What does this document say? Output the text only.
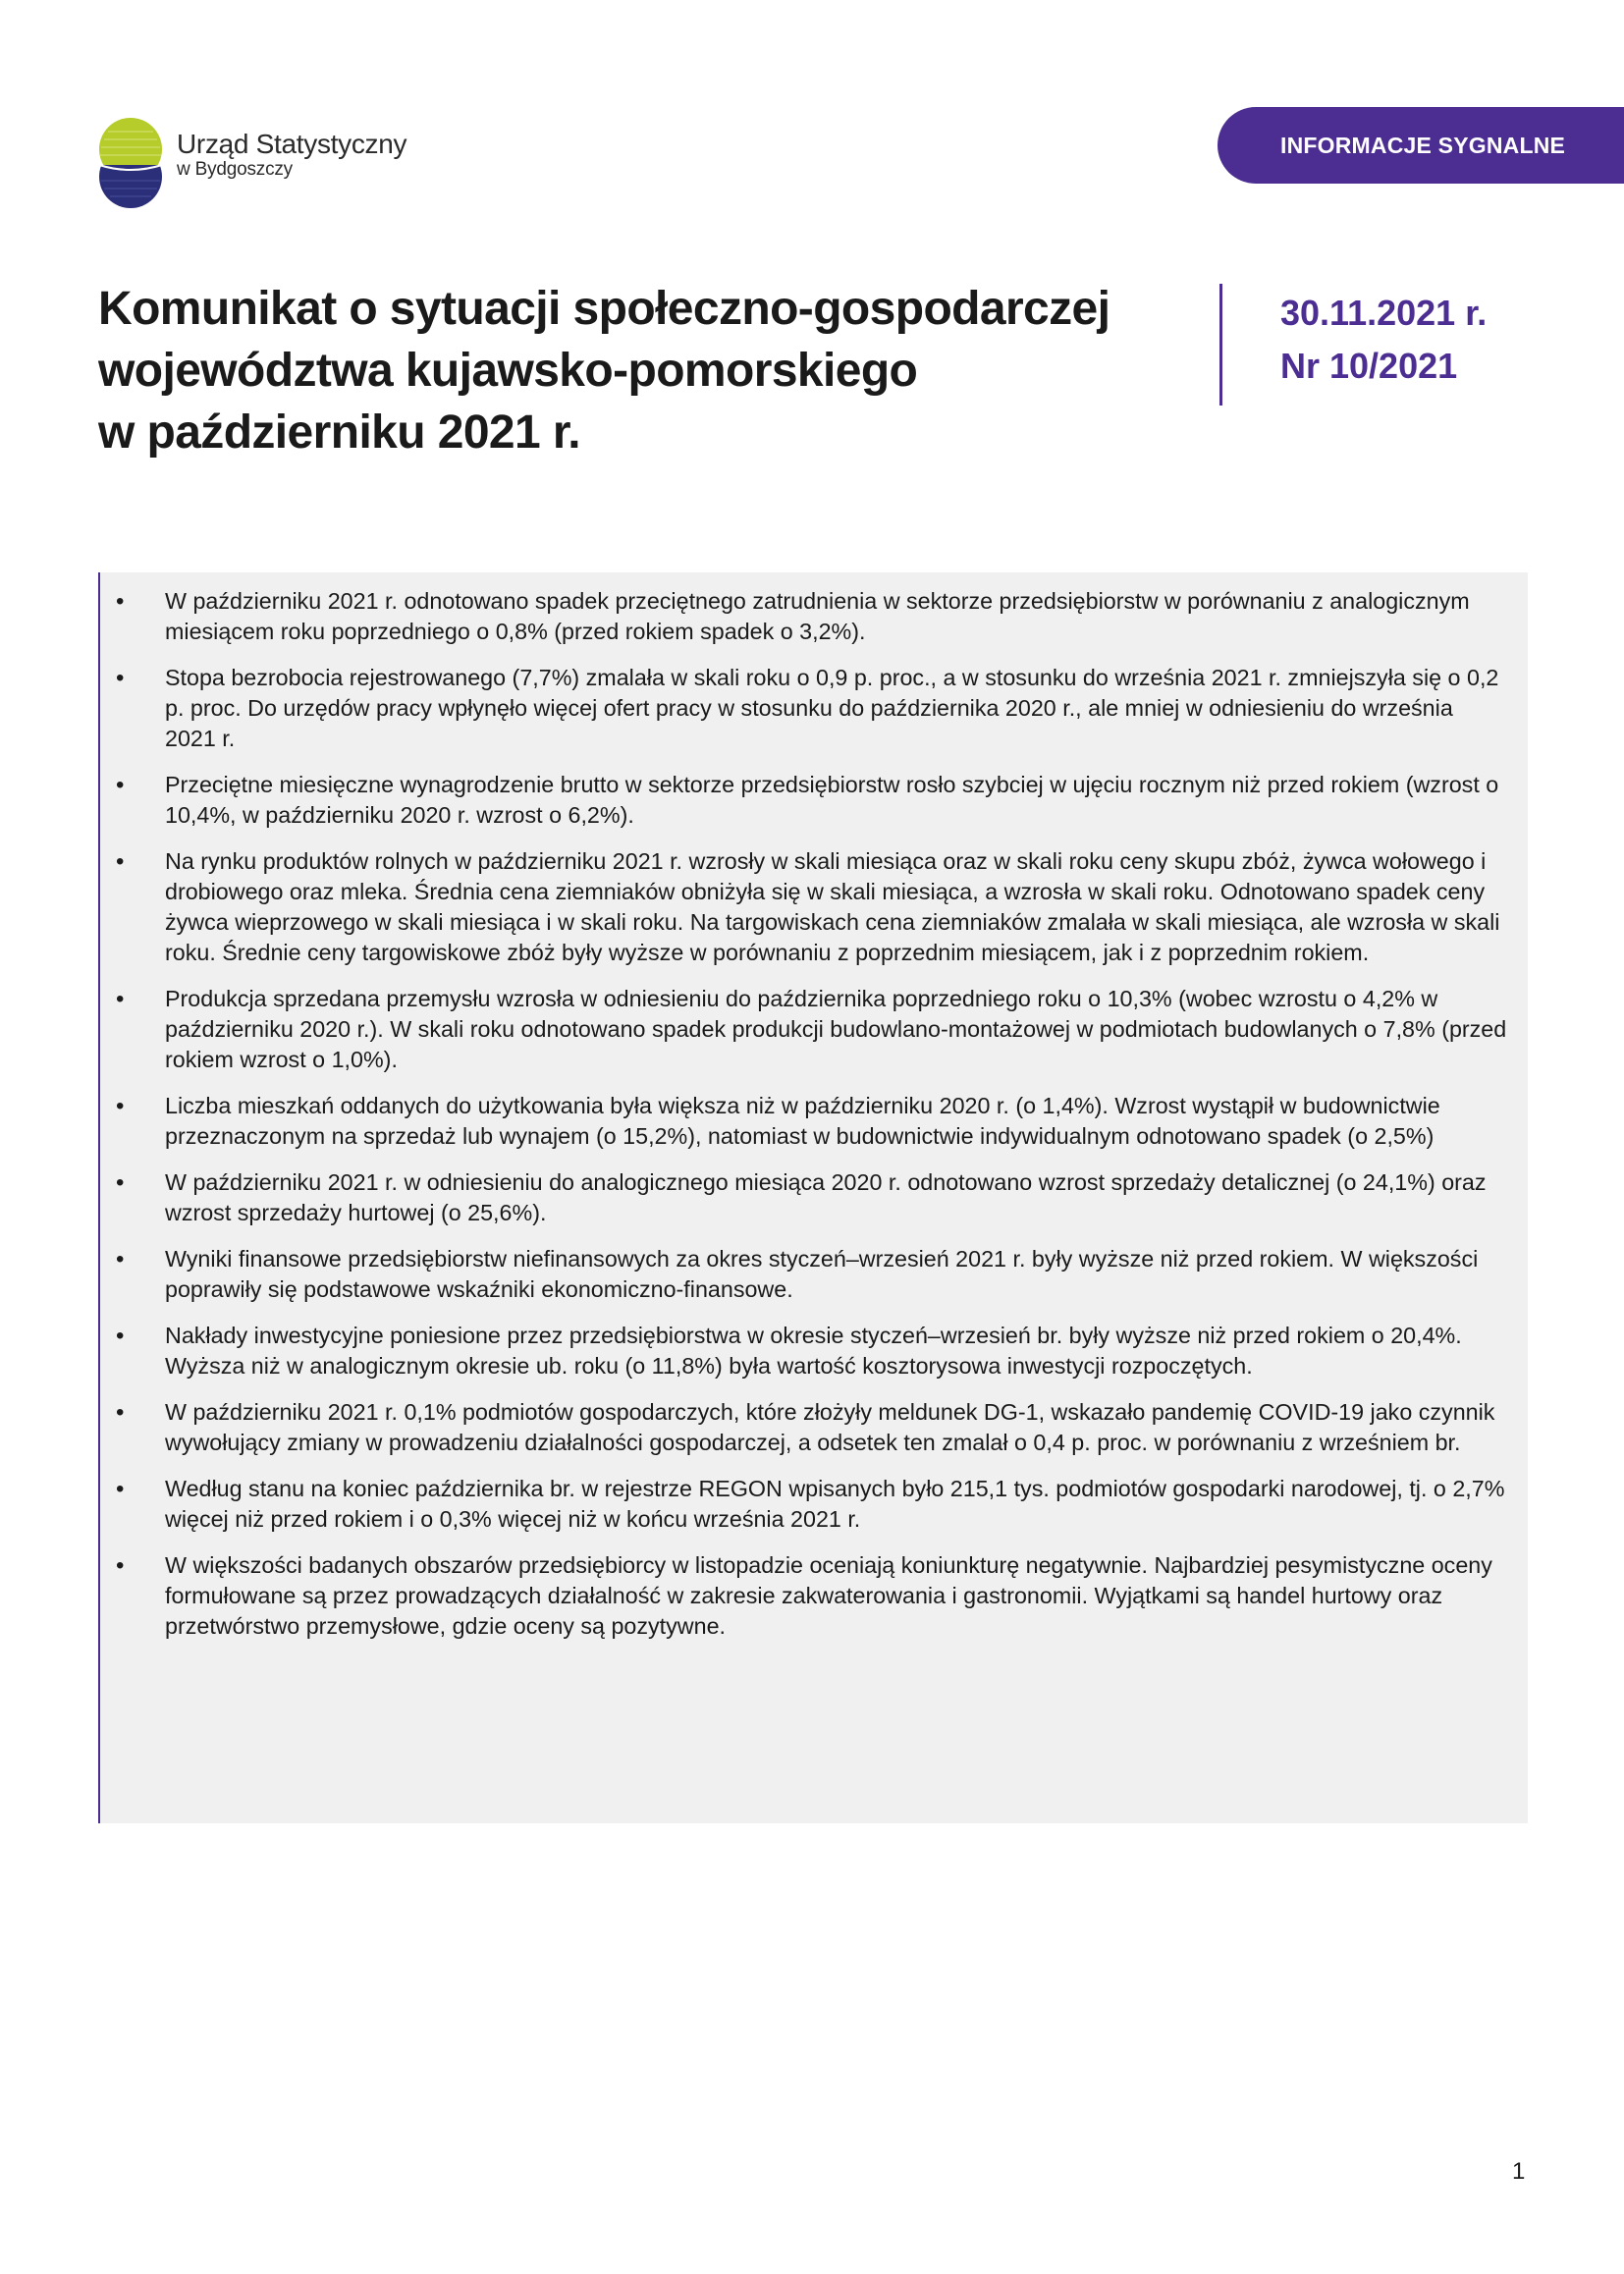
Urząd Statystyczny
w Bydgoszczy
INFORMACJE SYGNALNE
Komunikat o sytuacji społeczno-gospodarczej
województwa kujawsko-pomorskiego
w październiku 2021 r.
30.11.2021 r.
Nr 10/2021
• W październiku 2021 r. odnotowano spadek przeciętnego zatrudnienia w sektorze przedsiębiorstw w porównaniu z analogicznym miesiącem roku poprzedniego o 0,8% (przed rokiem spadek o 3,2%).
• Stopa bezrobocia rejestrowanego (7,7%) zmalała w skali roku o 0,9 p. proc., a w stosunku do września 2021 r. zmniejszyła się o 0,2 p. proc. Do urzędów pracy wpłynęło więcej ofert pracy w stosunku do października 2020 r., ale mniej w odniesieniu do września 2021 r.
• Przeciętne miesięczne wynagrodzenie brutto w sektorze przedsiębiorstw rosło szybciej w ujęciu rocznym niż przed rokiem (wzrost o 10,4%, w październiku 2020 r. wzrost o 6,2%).
• Na rynku produktów rolnych w październiku 2021 r. wzrosły w skali miesiąca oraz w skali roku ceny skupu zbóż, żywca wołowego i drobiowego oraz mleka. Średnia cena ziemniaków obniżyła się w skali miesiąca, a wzrosła w skali roku. Odnotowano spadek ceny żywca wieprzowego w skali miesiąca i w skali roku. Na targowiskach cena ziemniaków zmalała w skali miesiąca, ale wzrosła w skali roku. Średnie ceny targowiskowe zbóż były wyższe w porównaniu z poprzednim miesiącem, jak i z poprzednim rokiem.
• Produkcja sprzedana przemysłu wzrosła w odniesieniu do października poprzedniego roku o 10,3% (wobec wzrostu o 4,2% w październiku 2020 r.). W skali roku odnotowano spadek produkcji budowlano-montażowej w podmiotach budowlanych o 7,8% (przed rokiem wzrost o 1,0%).
• Liczba mieszkań oddanych do użytkowania była większa niż w październiku 2020 r. (o 1,4%). Wzrost wystąpił w budownictwie przeznaczonym na sprzedaż lub wynajem (o 15,2%), natomiast w budownictwie indywidualnym odnotowano spadek (o 2,5%)
• W październiku 2021 r. w odniesieniu do analogicznego miesiąca 2020 r. odnotowano wzrost sprzedaży detalicznej (o 24,1%) oraz wzrost sprzedaży hurtowej (o 25,6%).
• Wyniki finansowe przedsiębiorstw niefinansowych za okres styczeń–wrzesień 2021 r. były wyższe niż przed rokiem. W większości poprawiły się podstawowe wskaźniki ekonomiczno-finansowe.
• Nakłady inwestycyjne poniesione przez przedsiębiorstwa w okresie styczeń–wrzesień br. były wyższe niż przed rokiem o 20,4%. Wyższa niż w analogicznym okresie ub. roku (o 11,8%) była wartość kosztorysowa inwestycji rozpoczętych.
• W październiku 2021 r. 0,1% podmiotów gospodarczych, które złożyły meldunek DG-1, wskazało pandemię COVID-19 jako czynnik wywołujący zmiany w prowadzeniu działalności gospodarczej, a odsetek ten zmalał o 0,4 p. proc. w porównaniu z wrześniem br.
• Według stanu na koniec października br. w rejestrze REGON wpisanych było 215,1 tys. podmiotów gospodarki narodowej, tj. o 2,7% więcej niż przed rokiem i o 0,3% więcej niż w końcu września 2021 r.
• W większości badanych obszarów przedsiębiorcy w listopadzie oceniają koniunkturę negatywnie. Najbardziej pesymistyczne oceny formułowane są przez prowadzących działalność w zakresie zakwaterowania i gastronomii. Wyjątkami są handel hurtowy oraz przetwórstwo przemysłowe, gdzie oceny są pozytywne.
1
